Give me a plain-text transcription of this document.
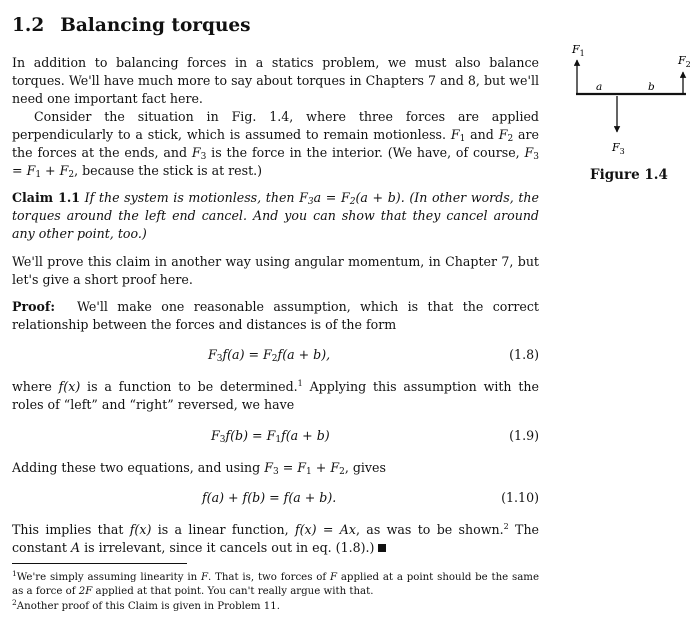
1.2 Balancing torques

In addition to balancing forces in a statics problem, we must also balance torques. We'll have much more to say about torques in Chapters 7 and 8, but we'll need one important fact here.

Consider the situation in Fig. 1.4, where three forces are applied perpendicularly to a stick, which is assumed to remain motionless. $F_1$ and $F_2$ are the forces at the ends, and $F_3$ is the force in the interior. (We have, of course, $F_3 = F_1 + F_2$, because the stick is at rest.)

Claim 1.1 If the system is motionless, then $F_3a = F_2(a + b)$. (In other words, the torques around the left end cancel. And you can show that they cancel around any other point, too.)

We'll prove this claim in another way using angular momentum, in Chapter 7, but let's give a short proof here.

Proof: We'll make one reasonable assumption, which is that the correct relationship between the forces and distances is of the form

$F_3f(a) = F_2f(a + b)$,	(1.8)

where f(x) is a function to be determined.$^1$ Applying this assumption with the roles of “left” and “right” reversed, we have

$F_3f(b) = F_1f(a + b)$	(1.9)

Adding these two equations, and using $F_3 = F_1 + F_2$, gives

f(a) + f(b) = f(a + b).	(1.10)

This implies that f(x) is a linear function, f(x) = Ax, as was to be shown.$^2$ The constant A is irrelevant, since it cancels out in eq. (1.8).)

$^1$We're simply assuming linearity in F. That is, two forces of F applied at a point should be the same as a force of 2F applied at that point. You can't really argue with that.

$^2$Another proof of this Claim is given in Problem 11.

$F_1$
$F_2$
$F_3$
a	b
Figure 1.4
